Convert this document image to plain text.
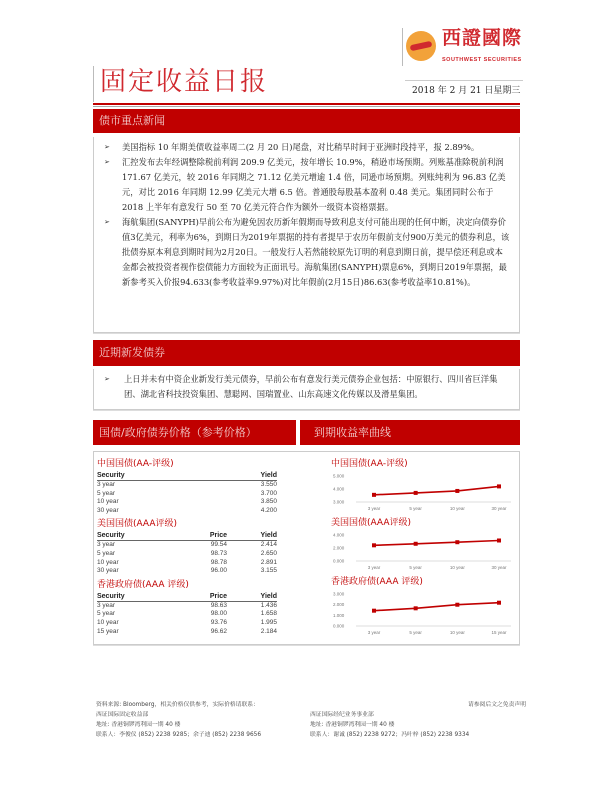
固定收益日报
西證國際
SOUTHWEST SECURITIES
2018 年 2 月 21 日星期三
债市重点新闻
➢ 美国指标 10 年期美债收益率周二(2 月 20 日)尾盘，对比稍早时间于亚洲时段持平，报 2.89%。
➢ 汇控发布去年经调整除税前利润 209.9 亿美元，按年增长 10.9%，稍逊市场预期。列账基准除税前利润 171.67 亿美元，较 2016 年同期之 71.12 亿美元增逾 1.4 倍，同逊市场预期。列账纯利为 96.83 亿美元，对比 2016 年同期 12.99 亿美元大增 6.5 倍。普通股每股基本盈利 0.48 美元。集团同时公布于 2018 上半年有意发行 50 至 70 亿美元符合作为额外一级资本资格票据。
➢ 海航集团(SANYPH)早前公布为避免因农历新年假期而导致利息支付可能出现的任何中断，决定向债券价值3亿美元，利率为6%，到期日为2019年票据的持有者提早于农历年假前支付900万美元的债券利息，该批债券原本利息到期时间为2月20日。一般发行人若然能较原先订明的利息到期日前，提早偿还利息或本金都会被投资者视作偿债能力方面较为正面讯号。海航集团(SANYPH)票息6%，到期日2019年票据，最新参考买入价报94.633(参考收益率9.97%)对比年假前(2月15日)86.63(参考收益率10.81%)。
近期新发债券
➢ 上日并未有中资企业新发行美元债券，早前公布有意发行美元债券企业包括：中原银行、四川省巨洋集团、湖北省科技投资集团、慧聪网、国瑞置业、山东高速文化传媒以及滑星集团。
国债/政府债券价格（参考价格）	到期收益率曲线
中国国债(AA-评级)
Security	Yield
3 year	3.550
5 year	3.700
10 year	3.850
30 year	4.200
美国国债(AAA评级)
Security	Price	Yield
3 year	99.54	2.414
5 year	98.73	2.650
10 year	98.78	2.891
30 year	96.00	3.155
香港政府债(AAA 评级)
Security	Price	Yield
3 year	98.63	1.436
5 year	98.00	1.658
10 year	93.76	1.995
15 year	96.62	2.184
中国国债(AA-评级)
3.000
4.000
5.000
3 year	5 year	10 year	30 year
美国国债(AAA评级)
0.000
2.000
4.000
3 year	5 year	10 year	30 year
香港政府债(AAA 评级)
0.000
1.000
2.000
3.000
3 year	5 year	10 year	15 year
资料来源: Bloomberg，相关价格仅供参考，实际价格请联系：	请参阅后文之免责声明
西证国际固定收益部
地址: 香港铜锣湾利园一期 40 楼
联系人：李俊仪 (852) 2238 9285；余子迪 (852) 2238 9656
西证国际经纪业务事业部
地址: 香港铜锣湾利园一期 40 楼
联系人：谢诚 (852) 2238 9272；冯叶梓 (852) 2238 9334
